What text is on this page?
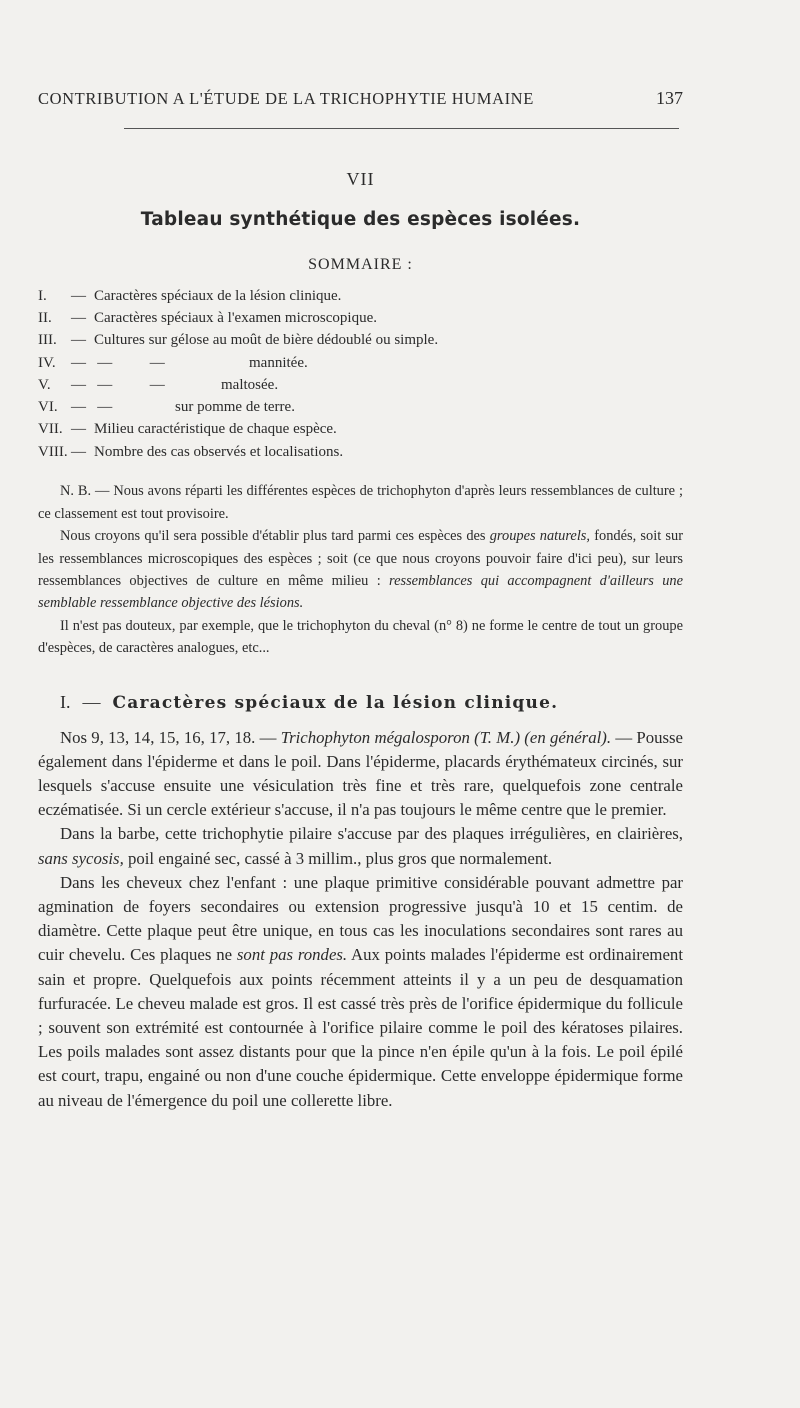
CONTRIBUTION A L'ÉTUDE DE LA TRICHOPHYTIE HUMAINE	137
VII
Tableau synthétique des espèces isolées.
SOMMAIRE :
I.	— Caractères spéciaux de la lésion clinique.
II.	— Caractères spéciaux à l'examen microscopique.
III. — Cultures sur gélose au moût de bière dédoublé ou simple.
IV.	—   —          —	mannitée.
V.	—   —          —	maltosée.
VI. —   —	sur pomme de terre.
VII. — Milieu caractéristique de chaque espèce.
VIII. — Nombre des cas observés et localisations.

N. B. — Nous avons réparti les différentes espèces de trichophyton d'après leurs ressemblances de culture ; ce classement est tout provisoire.

Nous croyons qu'il sera possible d'établir plus tard parmi ces espèces des groupes naturels, fondés, soit sur les ressemblances microscopiques des espèces ; soit (ce que nous croyons pouvoir faire d'ici peu), sur leurs ressemblances objectives de culture en même milieu : ressemblances qui accompagnent d'ailleurs une semblable ressemblance objective des lésions.

Il n'est pas douteux, par exemple, que le trichophyton du cheval (n° 8) ne forme le centre de tout un groupe d'espèces, de caractères analogues, etc...

I. — Caractères spéciaux de la lésion clinique.

Nos 9, 13, 14, 15, 16, 17, 18. — Trichophyton mégalosporon (T. M.) (en général). — Pousse également dans l'épiderme et dans le poil. Dans l'épiderme, placards érythémateux circinés, sur lesquels s'accuse ensuite une vésiculation très fine et très rare, quelquefois zone centrale eczématisée. Si un cercle extérieur s'accuse, il n'a pas toujours le même centre que le premier.

Dans la barbe, cette trichophytie pilaire s'accuse par des plaques irrégulières, en clairières, sans sycosis, poil engainé sec, cassé à 3 millim., plus gros que normalement.

Dans les cheveux chez l'enfant : une plaque primitive considérable pouvant admettre par agmination de foyers secondaires ou extension progressive jusqu'à 10 et 15 centim. de diamètre. Cette plaque peut être unique, en tous cas les inoculations secondaires sont rares au cuir chevelu. Ces plaques ne sont pas rondes. Aux points malades l'épiderme est ordinairement sain et propre. Quelquefois aux points récemment atteints il y a un peu de desquamation furfuracée. Le cheveu malade est gros. Il est cassé très près de l'orifice épidermique du follicule ; souvent son extrémité est contournée à l'orifice pilaire comme le poil des kératoses pilaires. Les poils malades sont assez distants pour que la pince n'en épile qu'un à la fois. Le poil épilé est court, trapu, engainé ou non d'une couche épidermique. Cette enveloppe épidermique forme au niveau de l'émergence du poil une collerette libre.
